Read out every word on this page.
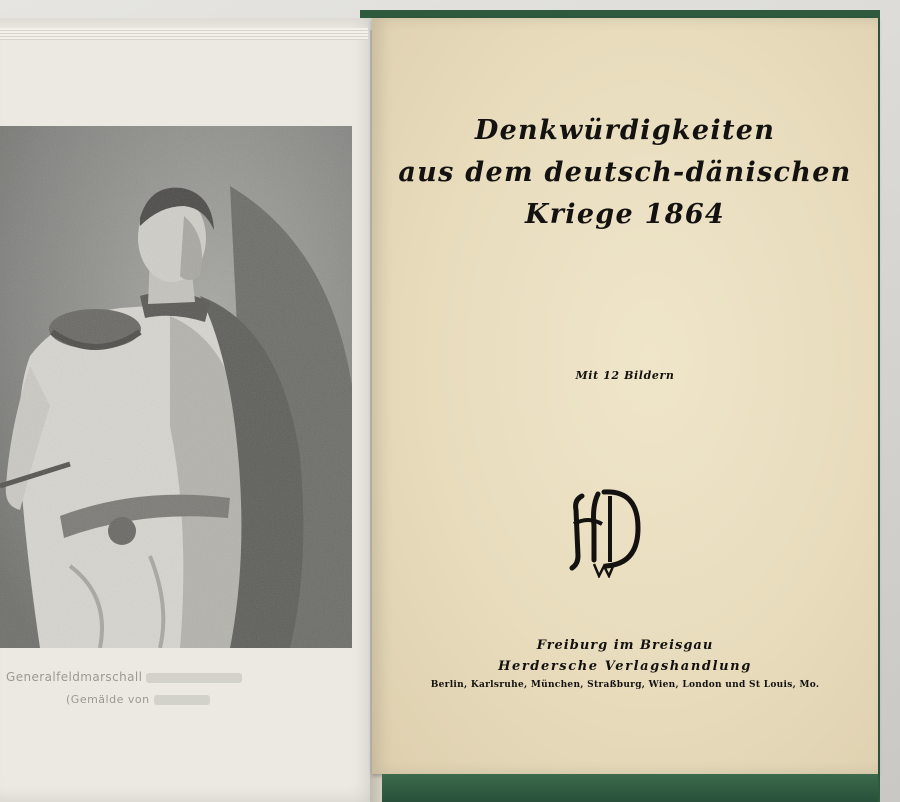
Generalfeldmarschall
(Gemälde von
Denkwürdigkeiten
aus dem deutsch-dänischen
Kriege 1864
Mit 12 Bildern
Freiburg im Breisgau
Herdersche Verlagshandlung
Berlin, Karlsruhe, München, Straßburg, Wien, London und St Louis, Mo.
